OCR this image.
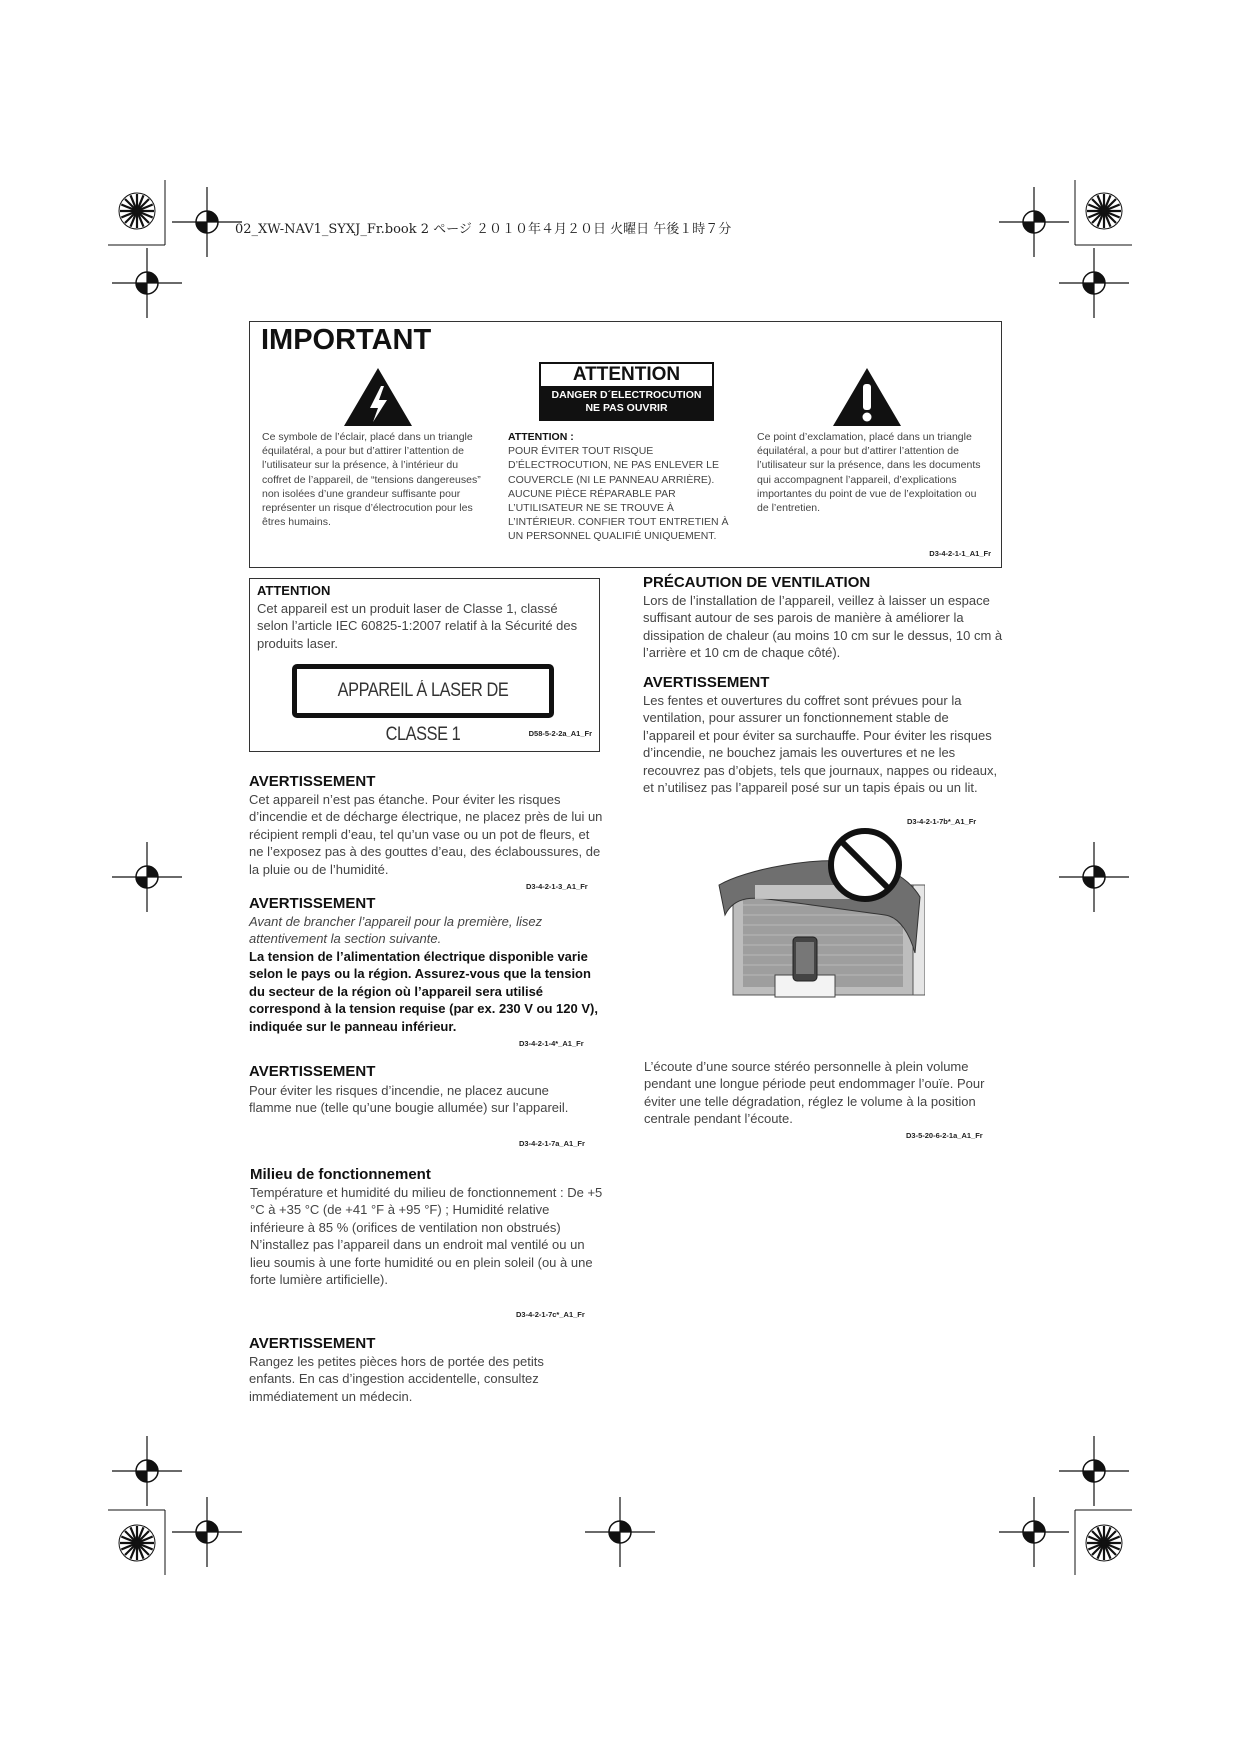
02_XW-NAV1_SYXJ_Fr.book 2 ページ ２０１０年４月２０日 火曜日 午後１時７分
IMPORTANT
ATTENTION
DANGER D´ELECTROCUTION
NE PAS OUVRIR
Ce symbole de l’éclair, placé dans un triangle équilatéral, a pour but d’attirer l’attention de l’utilisateur sur la présence, à l’intérieur du coffret de l’appareil, de “tensions dangereuses” non isolées d’une grandeur suffisante pour représenter un risque d’électrocution pour les êtres humains.
ATTENTION :
POUR ÉVITER TOUT RISQUE D’ÉLECTROCUTION, NE PAS ENLEVER LE COUVERCLE (NI LE PANNEAU ARRIÈRE). AUCUNE PIÈCE RÉPARABLE PAR L’UTILISATEUR NE SE TROUVE À L’INTÉRIEUR. CONFIER TOUT ENTRETIEN À UN PERSONNEL QUALIFIÉ UNIQUEMENT.
Ce point d’exclamation, placé dans un triangle équilatéral, a pour but d’attirer l’attention de l’utilisateur sur la présence, dans les documents qui accompagnent l’appareil, d’explications importantes du point de vue de l’exploitation ou de l’entretien.
D3-4-2-1-1_A1_Fr
ATTENTION
Cet appareil est un produit laser de Classe 1, classé selon l’article IEC 60825-1:2007 relatif à la Sécurité des produits laser.
APPAREIL Á LASER DE CLASSE 1	D58-5-2-2a_A1_Fr
AVERTISSEMENT
Cet appareil n’est pas étanche. Pour éviter les risques d’incendie et de décharge électrique, ne placez près de lui un récipient rempli d’eau, tel qu’un vase ou un pot de fleurs, et ne l’exposez pas à des gouttes d’eau, des éclaboussures, de la pluie ou de l’humidité.
D3-4-2-1-3_A1_Fr
AVERTISSEMENT
Avant de brancher l’appareil pour la première, lisez attentivement la section suivante.
La tension de l’alimentation électrique disponible varie selon le pays ou la région. Assurez-vous que la tension du secteur de la région où l’appareil sera utilisé correspond à la tension requise (par ex. 230 V ou 120 V), indiquée sur le panneau inférieur.
D3-4-2-1-4*_A1_Fr
AVERTISSEMENT
Pour éviter les risques d’incendie, ne placez aucune flamme nue (telle qu’une bougie allumée) sur l’appareil.
D3-4-2-1-7a_A1_Fr
Milieu de fonctionnement
Température et humidité du milieu de fonctionnement : De +5 °C à +35 °C (de +41 °F à +95 °F) ; Humidité relative inférieure à 85 % (orifices de ventilation non obstrués) N’installez pas l’appareil dans un endroit mal ventilé ou un lieu soumis à une forte humidité ou en plein soleil (ou à une forte lumière artificielle).
D3-4-2-1-7c*_A1_Fr
AVERTISSEMENT
Rangez les petites pièces hors de portée des petits enfants. En cas d’ingestion accidentelle, consultez immédiatement un médecin.
PRÉCAUTION DE VENTILATION
Lors de l’installation de l’appareil, veillez à laisser un espace suffisant autour de ses parois de manière à améliorer la dissipation de chaleur (au moins 10 cm sur le dessus, 10 cm à l’arrière et 10 cm de chaque côté).
AVERTISSEMENT
Les fentes et ouvertures du coffret sont prévues pour la ventilation, pour assurer un fonctionnement stable de l’appareil et pour éviter sa surchauffe. Pour éviter les risques d’incendie, ne bouchez jamais les ouvertures et ne les recouvrez pas d’objets, tels que journaux, nappes ou rideaux, et n’utilisez pas l’appareil posé sur un tapis épais ou un lit.
D3-4-2-1-7b*_A1_Fr
L’écoute d’une source stéréo personnelle à plein volume pendant une longue période peut endommager l’ouïe. Pour éviter une telle dégradation, réglez le volume à la position centrale pendant l’écoute.
D3-5-20-6-2-1a_A1_Fr
